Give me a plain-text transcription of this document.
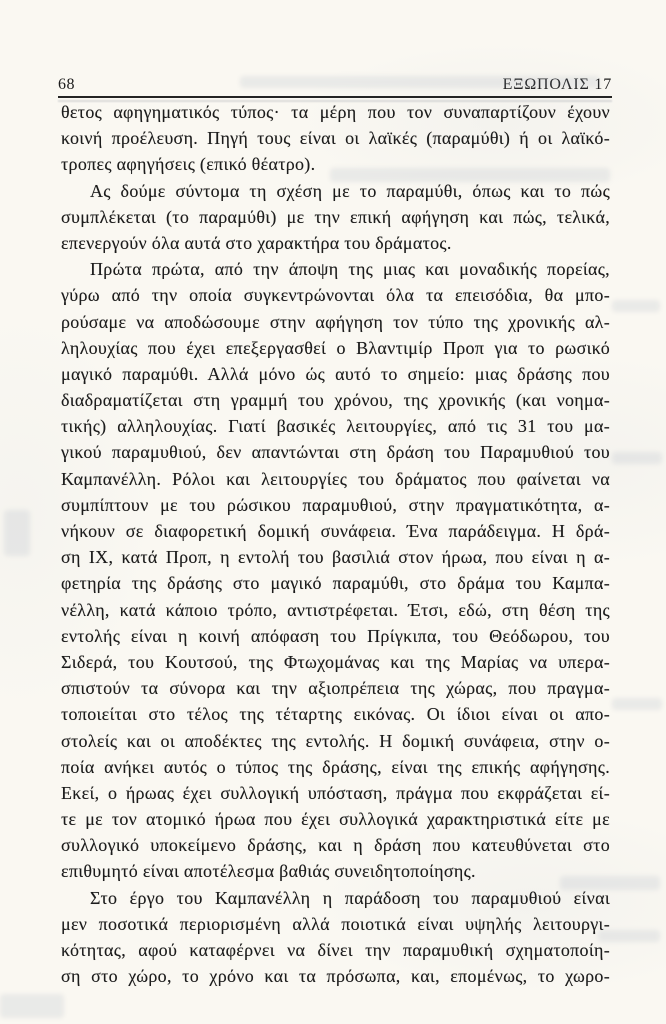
68	ΕΞΩΠΟΛΙΣ 17
θετος αφηγηματικός τύπος· τα μέρη που τον συναπαρτίζουν έχουν
κοινή προέλευση. Πηγή τους είναι οι λαϊκές (παραμύθι) ή οι λαϊκό-
τροπες αφηγήσεις (επικό θέατρο).
Ας δούμε σύντομα τη σχέση με το παραμύθι, όπως και το πώς
συμπλέκεται (το παραμύθι) με την επική αφήγηση και πώς, τελικά,
επενεργούν όλα αυτά στο χαρακτήρα του δράματος.
Πρώτα πρώτα, από την άποψη της μιας και μοναδικής πορείας,
γύρω από την οποία συγκεντρώνονται όλα τα επεισόδια, θα μπο-
ρούσαμε να αποδώσουμε στην αφήγηση τον τύπο της χρονικής αλ-
ληλουχίας που έχει επεξεργασθεί ο Βλαντιμίρ Προπ για το ρωσικό
μαγικό παραμύθι. Αλλά μόνο ώς αυτό το σημείο: μιας δράσης που
διαδραματίζεται στη γραμμή του χρόνου, της χρονικής (και νοημα-
τικής) αλληλουχίας. Γιατί βασικές λειτουργίες, από τις 31 του μα-
γικού παραμυθιού, δεν απαντώνται στη δράση του Παραμυθιού του
Καμπανέλλη. Ρόλοι και λειτουργίες του δράματος που φαίνεται να
συμπίπτουν με του ρώσικου παραμυθιού, στην πραγματικότητα, α-
νήκουν σε διαφορετική δομική συνάφεια. Ένα παράδειγμα. Η δρά-
ση IX, κατά Προπ, η εντολή του βασιλιά στον ήρωα, που είναι η α-
φετηρία της δράσης στο μαγικό παραμύθι, στο δράμα του Καμπα-
νέλλη, κατά κάποιο τρόπο, αντιστρέφεται. Έτσι, εδώ, στη θέση της
εντολής είναι η κοινή απόφαση του Πρίγκιπα, του Θεόδωρου, του
Σιδερά, του Κουτσού, της Φτωχομάνας και της Μαρίας να υπερα-
σπιστούν τα σύνορα και την αξιοπρέπεια της χώρας, που πραγμα-
τοποιείται στο τέλος της τέταρτης εικόνας. Οι ίδιοι είναι οι απο-
στολείς και οι αποδέκτες της εντολής. Η δομική συνάφεια, στην ο-
ποία ανήκει αυτός ο τύπος της δράσης, είναι της επικής αφήγησης.
Εκεί, ο ήρωας έχει συλλογική υπόσταση, πράγμα που εκφράζεται εί-
τε με τον ατομικό ήρωα που έχει συλλογικά χαρακτηριστικά είτε με
συλλογικό υποκείμενο δράσης, και η δράση που κατευθύνεται στο
επιθυμητό είναι αποτέλεσμα βαθιάς συνειδητοποίησης.
Στο έργο του Καμπανέλλη η παράδοση του παραμυθιού είναι
μεν ποσοτικά περιορισμένη αλλά ποιοτικά είναι υψηλής λειτουργι-
κότητας, αφού καταφέρνει να δίνει την παραμυθική σχηματοποίη-
ση στο χώρο, το χρόνο και τα πρόσωπα, και, επομένως, το χωρο-
